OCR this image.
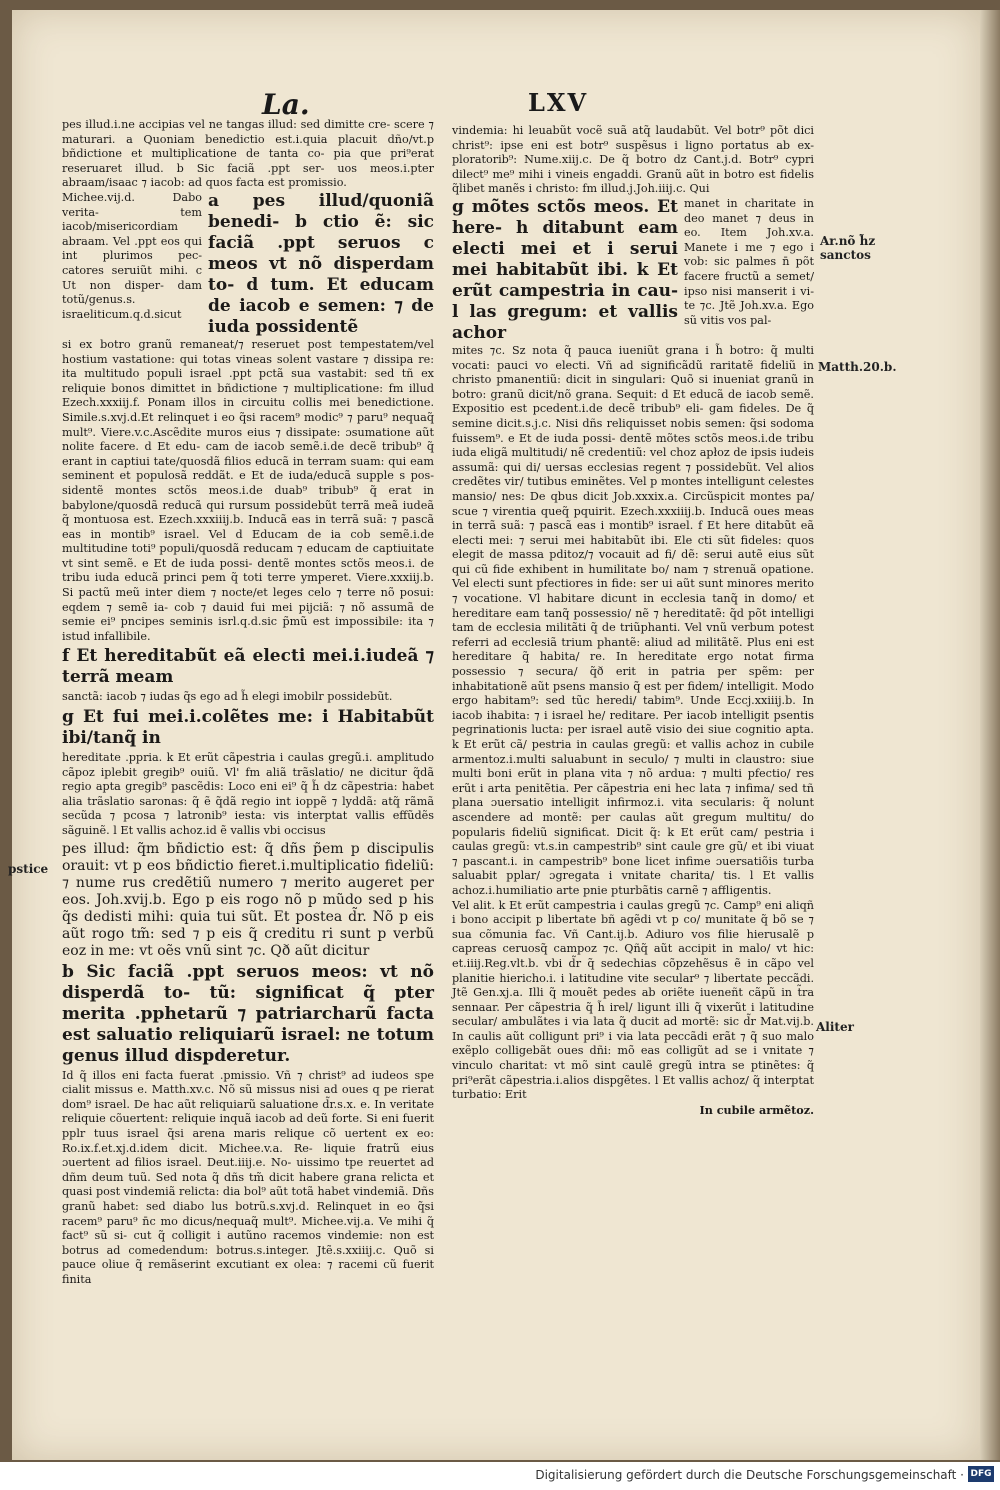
La.	LXV
pes illud.i.ne accipias vel ne tangas illud: sed dimitte cre- scere ⁊ maturari. a Quoniam benedictio est.i.quia placuit dño/vt.p bñdictione et multiplicatione de tanta co- pia que pri⁹erat reseruaret illud. b Sic faciã .ppt ser- uos meos.i.pter abraam/isaac ⁊ iacob: ad quos facta est promissio.
Michee.vij.d. Dabo verita- tem iacob/misericordiam abraam. Vel .ppt eos qui int plurimos pec- catores seruiũt mihi. c Ut non disper- dam totũ/genus.s. israeliticum.q.d.sicut
a pes illud/quoniã benedi- b ctio ẽ: sic faciã .ppt seruos c meos vt nõ disperdam to- d tum. Et educam de iacob e semen: ⁊ de iuda possidentẽ
si ex botro granũ remaneat/⁊ reseruet post tempestatem/vel hostium vastatione: qui totas vineas solent vastare ⁊ dissipa re: ita multitudo populi israel .ppt pctã sua vastabit: sed tñ ex reliquie bonos dimittet in bñdictione ⁊ multiplicatione: fm illud Ezech.xxxiij.f. Ponam illos in circuitu collis mei benedictione. Simile.s.xvj.d.Et relinquet i eo q̃si racem⁹ modic⁹ ⁊ paru⁹ nequaq̃ mult⁹. Viere.v.c.Ascẽdite muros eius ⁊ dissipate: ɔsumatione aũt nolite facere. d Et edu- cam de iacob semẽ.i.de decẽ tribub⁹ q̃ erant in captiui tate/quosdã filios educã in terram suam: qui eam seminent et populosã reddãt. e Et de iuda/educã supple s pos- sidentẽ montes sctõs meos.i.de duab⁹ tribub⁹ q̃ erat in babylone/quosdã reducã qui rursum possidebũt terrã meã iudeã q̃ montuosa est. Ezech.xxxiiij.b. Inducã eas in terrã suã: ⁊ pascã eas in montib⁹ israel. Vel d Educam de ia cob semẽ.i.de multitudine toti⁹ populi/quosdã reducam ⁊ educam de captiuitate vt sint semẽ. e Et de iuda possi- dentẽ montes sctõs meos.i. de tribu iuda educã princi pem q̃ toti terre ymperet. Viere.xxxiij.b. Si pactũ meũ inter diem ⁊ nocte/et leges celo ⁊ terre nõ posui: eqdem ⁊ semẽ ia- cob ⁊ dauid fui mei pijciã: ⁊ nõ assumã de semie ei⁹ pncipes seminis isrl.q.d.sic p̃mũ est impossibile: ita ⁊ istud infallibile.
f Et hereditabũt eã electi mei.i.iudeã ⁊ terrã meam
sanctã: iacob ⁊ iudas q̃s ego ad h̃ elegi imobilr possidebũt.
g Et fui mei.i.colẽtes me: i Habitabũt ibi/tanq̃ in
hereditate .ppria. k Et erũt cãpestria i caulas gregũ.i. amplitudo cãpoz iplebit gregib⁹ ouiũ. Vl' fm aliã trãslatio/ ne dicitur q̃dã regio apta gregib⁹ pascẽdis: Loco eni ei⁹ q̃ h̃ dz cãpestria: habet alia trãslatio saronas: q̃ ẽ q̃dã regio int ioppẽ ⁊ lyddã: atq̃ rãmã secũda ⁊ pcosa ⁊ latronib⁹ iesta: vis interptat vallis effũdẽs sãguinẽ. l Et vallis achoz.id ẽ vallis vbi occisus
pes illud: q̃m bñdictio est: q̃ dñs p̃em p discipulis orauit: vt p eos bñdictio fieret.i.multiplicatio fideliũ: ⁊ nume rus credẽtiũ numero ⁊ merito augeret per eos. Joh.xvij.b. Ego p eis rogo nõ p mũdo sed p his q̃s dedisti mihi: quia tui sũt. Et postea d̃r. Nõ p eis aũt rogo tm̃: sed ⁊ p eis q̃ creditu ri sunt p verbũ eoz in me: vt oẽs vnũ sint ⁊c. Qð aũt dicitur
b Sic faciã .ppt seruos meos: vt nõ disperdã to- tũ: significat q̃ pter merita .pphetarũ ⁊ patriarcharũ facta est saluatio reliquiarũ israel: ne totum genus illud dispderetur.
Id q̃ illos eni facta fuerat .pmissio. Vñ ⁊ christ⁹ ad iudeos spe cialit missus e. Matth.xv.c. Nõ sũ missus nisi ad oues q pe rierat dom⁹ israel. De hac aũt reliquiarũ saluatione d̃r.s.x. e. In veritate reliquie cõuertent: reliquie inquã iacob ad deũ forte. Si eni fuerit pplr tuus israel q̃si arena maris relique cõ uertent ex eo: Ro.ix.f.et.xj.d.idem dicit. Michee.v.a. Re- liquie fratrũ eius ɔuertent ad filios israel. Deut.iiij.e. No- uissimo tpe reuertet ad dñm deum tuũ. Sed nota q̃ dñs tm̃ dicit habere grana relicta et quasi post vindemiã relicta: dia bol⁹ aũt totã habet vindemiã. Dñs granũ habet: sed diabo lus botrũ.s.xvj.d. Relinquet in eo q̃si racem⁹ paru⁹ n̄c mo dicus/nequaq̃ mult⁹. Michee.vij.a. Ve mihi q̃ fact⁹ sũ si- cut q̃ colligit i autũno racemos vindemie: non est botrus ad comedendum: botrus.s.integer. Jtẽ.s.xxiiij.c. Quõ si pauce oliue q̃ remãserint excutiant ex olea: ⁊ racemi cũ fuerit finita
vindemia: hi leuabũt vocẽ suã atq̃ laudabũt. Vel botr⁹ põt dici christ⁹: ipse eni est botr⁹ suspẽsus i ligno portatus ab ex- ploratorib⁹: Nume.xiij.c. De q̃ botro dz Cant.j.d. Botr⁹ cypri dilect⁹ me⁹ mihi i vineis engaddi. Granũ aũt in botro est fidelis q̃libet manẽs i christo: fm illud.j.Joh.iiij.c. Qui
g mõtes sctõs meos. Et here- h ditabunt eam electi mei et i serui mei habitabũt ibi. k Et erũt campestria in cau- l las gregum: et vallis achor
manet in charitate in deo manet ⁊ deus in eo. Item Joh.xv.a. Manete i me ⁊ ego i vob: sic palmes n̄ põt facere fructũ a semet/ ipso nisi manserit i vi- te ⁊c. Jtẽ Joh.xv.a. Ego sũ vitis vos pal-
mites ⁊c. Sz nota q̃ pauca iueniũt grana i h̃ botro: q̃ multi vocati: pauci vo electi. Vñ ad significãdũ raritatẽ fideliũ in christo pmanentiũ: dicit in singulari: Quõ si inueniat granũ in botro: granũ dicit/nõ grana. Sequit: d Et educã de iacob semẽ. Expositio est pcedent.i.de decẽ tribub⁹ eli- gam fideles. De q̃ semine dicit.s.j.c. Nisi dñs reliquisset nobis semen: q̃si sodoma fuissem⁹. e Et de iuda possi- dentẽ mõtes sctõs meos.i.de tribu iuda eligã multitudi/ nẽ credentiũ: vel choz apłoz de ipsis iudeis assumã: qui di/ uersas ecclesias regent ⁊ possidebũt. Vel alios credẽtes vir/ tutibus eminẽtes. Vel p montes intelligunt celestes mansio/ nes: De qbus dicit Job.xxxix.a. Circũspicit montes pa/ scue ⁊ virentia queq̃ pquirit. Ezech.xxxiiij.b. Inducã oues meas in terrã suã: ⁊ pascã eas i montib⁹ israel. f Et here ditabũt eã electi mei: ⁊ serui mei habitabũt ibi. Ele cti sũt fideles: quos elegit de massa pditoz/⁊ vocauit ad fi/ dẽ: serui autẽ eius sũt qui cũ fide exhibent in humilitate bo/ nam ⁊ strenuã opatione. Vel electi sunt pfectiores in fide: ser ui aũt sunt minores merito ⁊ vocatione. Vl habitare dicunt in ecclesia tanq̃ in domo/ et hereditare eam tanq̃ possessio/ nẽ ⁊ hereditatẽ: q̃d põt intelligi tam de ecclesia militãti q̃ de triũphanti. Vel vnũ verbum potest referri ad ecclesiã trium phantẽ: aliud ad militãtẽ. Plus eni est hereditare q̃ habita/ re. In hereditate ergo notat firma possessio ⁊ secura/ q̃ð erit in patria per spẽm: per inhabitationẽ aũt psens mansio q̃ est per fidem/ intelligit. Modo ergo habitam⁹: sed tũc heredi/ tabim⁹. Unde Eccj.xxiiij.b. In iacob ihabita: ⁊ i israel he/ reditare. Per iacob intelligit psentis pegrinationis lucta: per israel autẽ visio dei siue cognitio apta. k Et erũt cã/ pestria in caulas gregũ: et vallis achoz in cubile armentoz.i.multi saluabunt in seculo/ ⁊ multi in claustro: siue multi boni erũt in plana vita ⁊ nõ ardua: ⁊ multi pfectio/ res erũt i arta penitẽtia. Per cãpestria eni hec lata ⁊ infima/ sed tñ plana ɔuersatio intelligit infirmoz.i. vita secularis: q̃ nolunt ascendere ad montẽ: per caulas aũt gregum multitu/ do popularis fideliũ significat. Dicit q̃: k Et erũt cam/ pestria i caulas gregũ: vt.s.in campestrib⁹ sint caule gre gũ/ et ibi viuat ⁊ pascant.i. in campestrib⁹ bone licet infime ɔuersatiõis turba saluabit pplar/ ɔgregata i vnitate charita/ tis. l Et vallis achoz.i.humiliatio arte pnie pturbãtis carnẽ ⁊ affligentis.
Vel alit. k Et erũt campestria i caulas gregũ ⁊c. Camp⁹ eni aliqñ i bono accipit p libertate bñ agẽdi vt p co/ munitate q̃ bõ se ⁊ sua cõmunia fac. Vñ Cant.ij.b. Adiuro vos filie hierusalẽ p capreas ceruosq̃ campoz ⁊c. Qñq̃ aũt accipit in malo/ vt hic: et.iiij.Reg.vlt.b. vbi d̃r q̃ sedechias cõpzehẽsus ẽ in cãpo vel planitie hiericho.i. i latitudine vite secular⁹ ⁊ libertate peccãdi. Jtẽ Gen.xj.a. Illi q̃ mouẽt pedes ab oriẽte iueneñt cãpũ in t̃ra sennaar. Per cãpestria q̃ h̃ irel/ ligunt illi q̃ vixerũt i latitudine secular/ ambulãtes i via lata q̃ ducit ad mortẽ: sic d̃r Mat.vij.b. In caulis aũt colligunt pri⁹ i via lata peccãdi erãt ⁊ q̃ suo malo exẽplo colligebãt oues dñi: mõ eas colligũt ad se i vnitate ⁊ vinculo charitat: vt mõ sint caulẽ gregũ intra se ptinẽtes: q̃ pri⁹erãt cãpestria.i.alios dispgẽtes. l Et vallis achoz/ q̃ interptat turbatio: Erit
In cubile armẽtoz.
Ar.nõ h̃z sanctos
Matth.20.b.
pstice
Aliter
Digitalisierung gefördert durch die Deutsche Forschungsgemeinschaft · DFG
